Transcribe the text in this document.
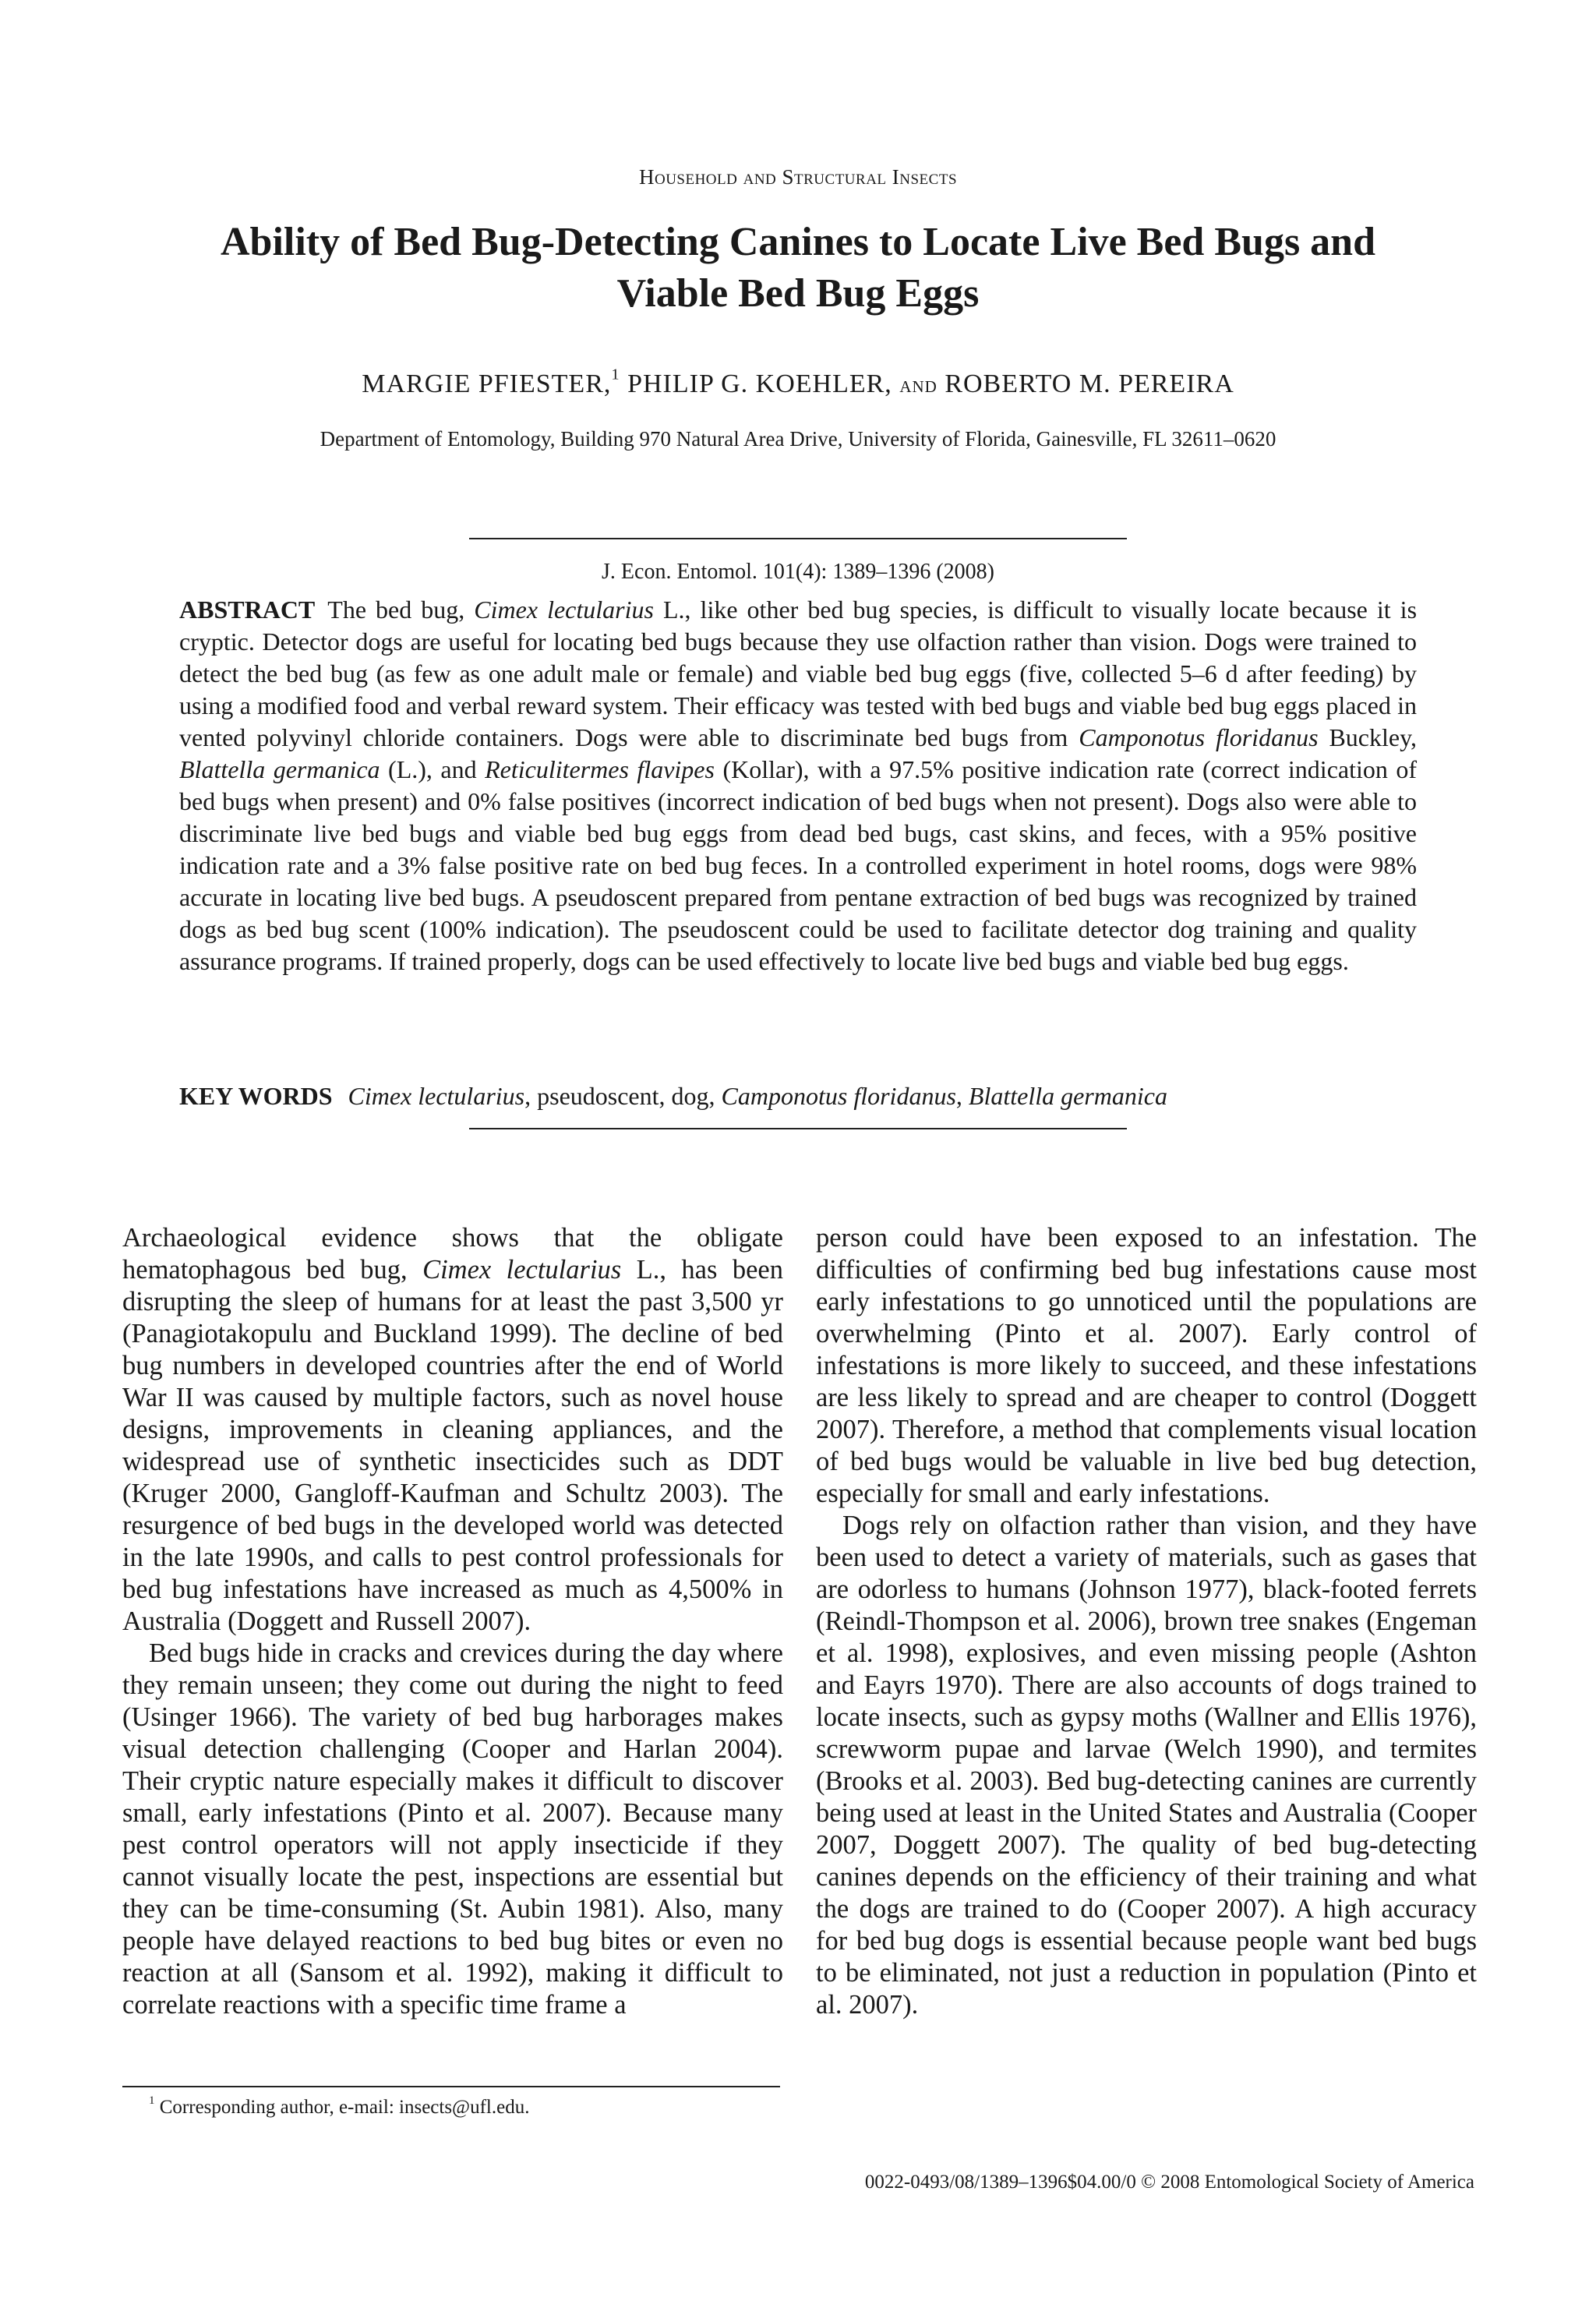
Household and Structural Insects
Ability of Bed Bug-Detecting Canines to Locate Live Bed Bugs and
Viable Bed Bug Eggs
MARGIE PFIESTER,$^1$ PHILIP G. KOEHLER, and ROBERTO M. PEREIRA
Department of Entomology, Building 970 Natural Area Drive, University of Florida, Gainesville, FL 32611–0620
J. Econ. Entomol. 101(4): 1389–1396 (2008)

ABSTRACT The bed bug, Cimex lectularius L., like other bed bug species, is difficult to visually locate because it is cryptic. Detector dogs are useful for locating bed bugs because they use olfaction rather than vision. Dogs were trained to detect the bed bug (as few as one adult male or female) and viable bed bug eggs (five, collected 5–6 d after feeding) by using a modified food and verbal reward system. Their efficacy was tested with bed bugs and viable bed bug eggs placed in vented polyvinyl chloride containers. Dogs were able to discriminate bed bugs from Camponotus floridanus Buckley, Blattella germanica (L.), and Reticulitermes flavipes (Kollar), with a 97.5% positive indication rate (correct indication of bed bugs when present) and 0% false positives (incorrect indication of bed bugs when not present). Dogs also were able to discriminate live bed bugs and viable bed bug eggs from dead bed bugs, cast skins, and feces, with a 95% positive indication rate and a 3% false positive rate on bed bug feces. In a controlled experiment in hotel rooms, dogs were 98% accurate in locating live bed bugs. A pseudoscent prepared from pentane extraction of bed bugs was recognized by trained dogs as bed bug scent (100% indication). The pseudoscent could be used to facilitate detector dog training and quality assurance programs. If trained properly, dogs can be used effectively to locate live bed bugs and viable bed bug eggs.

KEY WORDS Cimex lectularius, pseudoscent, dog, Camponotus floridanus, Blattella germanica

Archaeological evidence shows that the obligate hematophagous bed bug, Cimex lectularius L., has been disrupting the sleep of humans for at least the past 3,500 yr (Panagiotakopulu and Buckland 1999). The decline of bed bug numbers in developed countries after the end of World War II was caused by multiple factors, such as novel house designs, improvements in cleaning appliances, and the widespread use of synthetic insecticides such as DDT (Kruger 2000, Gangloff-Kaufman and Schultz 2003). The resurgence of bed bugs in the developed world was detected in the late 1990s, and calls to pest control professionals for bed bug infestations have increased as much as 4,500% in Australia (Doggett and Russell 2007).

Bed bugs hide in cracks and crevices during the day where they remain unseen; they come out during the night to feed (Usinger 1966). The variety of bed bug harborages makes visual detection challenging (Cooper and Harlan 2004). Their cryptic nature especially makes it difficult to discover small, early infestations (Pinto et al. 2007). Because many pest control operators will not apply insecticide if they cannot visually locate the pest, inspections are essential but they can be time-consuming (St. Aubin 1981). Also, many people have delayed reactions to bed bug bites or even no reaction at all (Sansom et al. 1992), making it difficult to correlate reactions with a specific time frame a

person could have been exposed to an infestation. The difficulties of confirming bed bug infestations cause most early infestations to go unnoticed until the populations are overwhelming (Pinto et al. 2007). Early control of infestations is more likely to succeed, and these infestations are less likely to spread and are cheaper to control (Doggett 2007). Therefore, a method that complements visual location of bed bugs would be valuable in live bed bug detection, especially for small and early infestations.

Dogs rely on olfaction rather than vision, and they have been used to detect a variety of materials, such as gases that are odorless to humans (Johnson 1977), black-footed ferrets (Reindl-Thompson et al. 2006), brown tree snakes (Engeman et al. 1998), explosives, and even missing people (Ashton and Eayrs 1970). There are also accounts of dogs trained to locate insects, such as gypsy moths (Wallner and Ellis 1976), screwworm pupae and larvae (Welch 1990), and termites (Brooks et al. 2003). Bed bug-detecting canines are currently being used at least in the United States and Australia (Cooper 2007, Doggett 2007). The quality of bed bug-detecting canines depends on the efficiency of their training and what the dogs are trained to do (Cooper 2007). A high accuracy for bed bug dogs is essential because people want bed bugs to be eliminated, not just a reduction in population (Pinto et al. 2007).

$^1$ Corresponding author, e-mail: insects@ufl.edu.
0022-0493/08/1389–1396$04.00/0 © 2008 Entomological Society of America
